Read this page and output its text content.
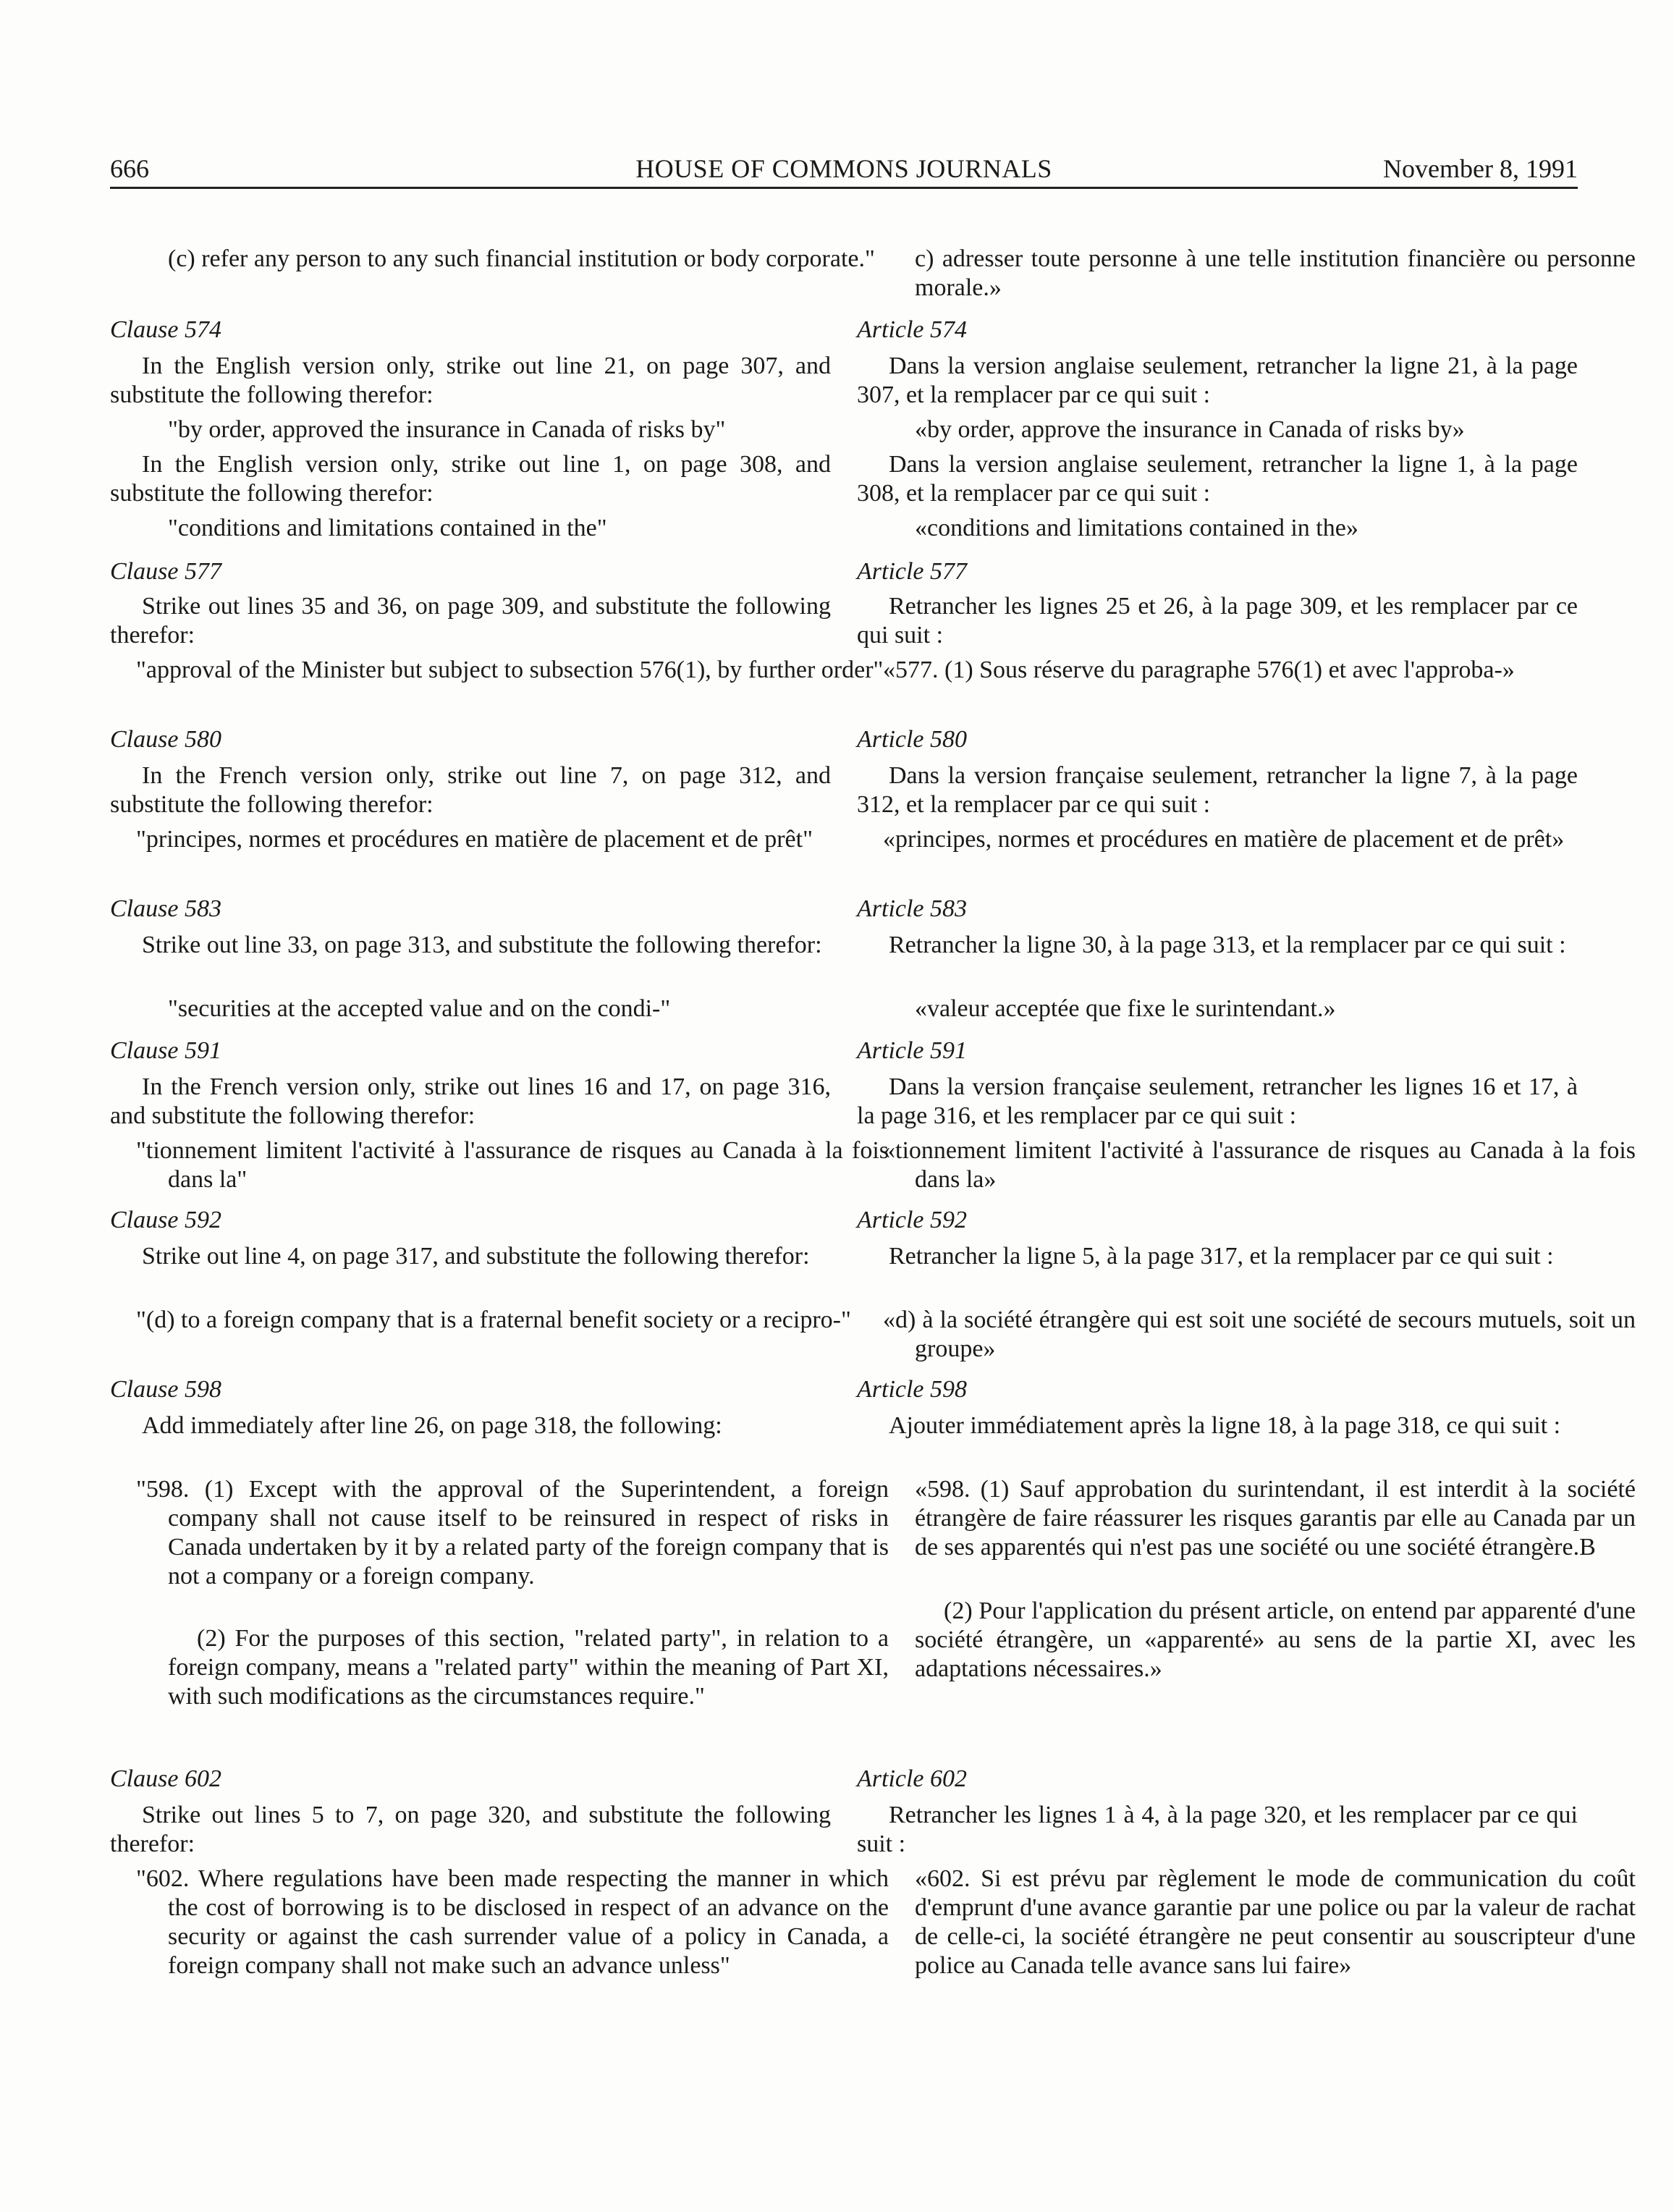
666	HOUSE OF COMMONS JOURNALS	November 8, 1991
(c) refer any person to any such financial institution or body corporate."
Clause 574
In the English version only, strike out line 21, on page 307, and substitute the following therefor:
"by order, approved the insurance in Canada of risks by"
In the English version only, strike out line 1, on page 308, and substitute the following therefor:
"conditions and limitations contained in the"
Clause 577
Strike out lines 35 and 36, on page 309, and substitute the following therefor:
"approval of the Minister but subject to subsection 576(1), by further order"
Clause 580
In the French version only, strike out line 7, on page 312, and substitute the following therefor:
"principes, normes et procédures en matière de placement et de prêt"
Clause 583
Strike out line 33, on page 313, and substitute the following therefor:
"securities at the accepted value and on the condi-"
Clause 591
In the French version only, strike out lines 16 and 17, on page 316, and substitute the following therefor:
"tionnement limitent l'activité à l'assurance de risques au Canada à la fois dans la"
Clause 592
Strike out line 4, on page 317, and substitute the following therefor:
"(d) to a foreign company that is a fraternal benefit society or a recipro-"
Clause 598
Add immediately after line 26, on page 318, the following:
"598. (1) Except with the approval of the Superintendent, a foreign company shall not cause itself to be reinsured in respect of risks in Canada undertaken by it by a related party of the foreign company that is not a company or a foreign company.
(2) For the purposes of this section, "related party", in relation to a foreign company, means a "related party" within the meaning of Part XI, with such modifications as the circumstances require."
Clause 602
Strike out lines 5 to 7, on page 320, and substitute the following therefor:
"602. Where regulations have been made respecting the manner in which the cost of borrowing is to be disclosed in respect of an advance on the security or against the cash surrender value of a policy in Canada, a foreign company shall not make such an advance unless"
c) adresser toute personne à une telle institution financière ou personne morale.»
Article 574
Dans la version anglaise seulement, retrancher la ligne 21, à la page 307, et la remplacer par ce qui suit :
«by order, approve the insurance in Canada of risks by»
Dans la version anglaise seulement, retrancher la ligne 1, à la page 308, et la remplacer par ce qui suit :
«conditions and limitations contained in the»
Article 577
Retrancher les lignes 25 et 26, à la page 309, et les remplacer par ce qui suit :
«577. (1) Sous réserve du paragraphe 576(1) et avec l'approba-»
Article 580
Dans la version française seulement, retrancher la ligne 7, à la page 312, et la remplacer par ce qui suit :
«principes, normes et procédures en matière de placement et de prêt»
Article 583
Retrancher la ligne 30, à la page 313, et la remplacer par ce qui suit :
«valeur acceptée que fixe le surintendant.»
Article 591
Dans la version française seulement, retrancher les lignes 16 et 17, à la page 316, et les remplacer par ce qui suit :
«tionnement limitent l'activité à l'assurance de risques au Canada à la fois dans la»
Article 592
Retrancher la ligne 5, à la page 317, et la remplacer par ce qui suit :
«d) à la société étrangère qui est soit une société de secours mutuels, soit un groupe»
Article 598
Ajouter immédiatement après la ligne 18, à la page 318, ce qui suit :
«598. (1) Sauf approbation du surintendant, il est interdit à la société étrangère de faire réassurer les risques garantis par elle au Canada par un de ses apparentés qui n'est pas une société ou une société étrangère.B
(2) Pour l'application du présent article, on entend par apparenté d'une société étrangère, un «apparenté» au sens de la partie XI, avec les adaptations nécessaires.»
Article 602
Retrancher les lignes 1 à 4, à la page 320, et les remplacer par ce qui suit :
«602. Si est prévu par règlement le mode de communication du coût d'emprunt d'une avance garantie par une police ou par la valeur de rachat de celle-ci, la société étrangère ne peut consentir au souscripteur d'une police au Canada telle avance sans lui faire»
